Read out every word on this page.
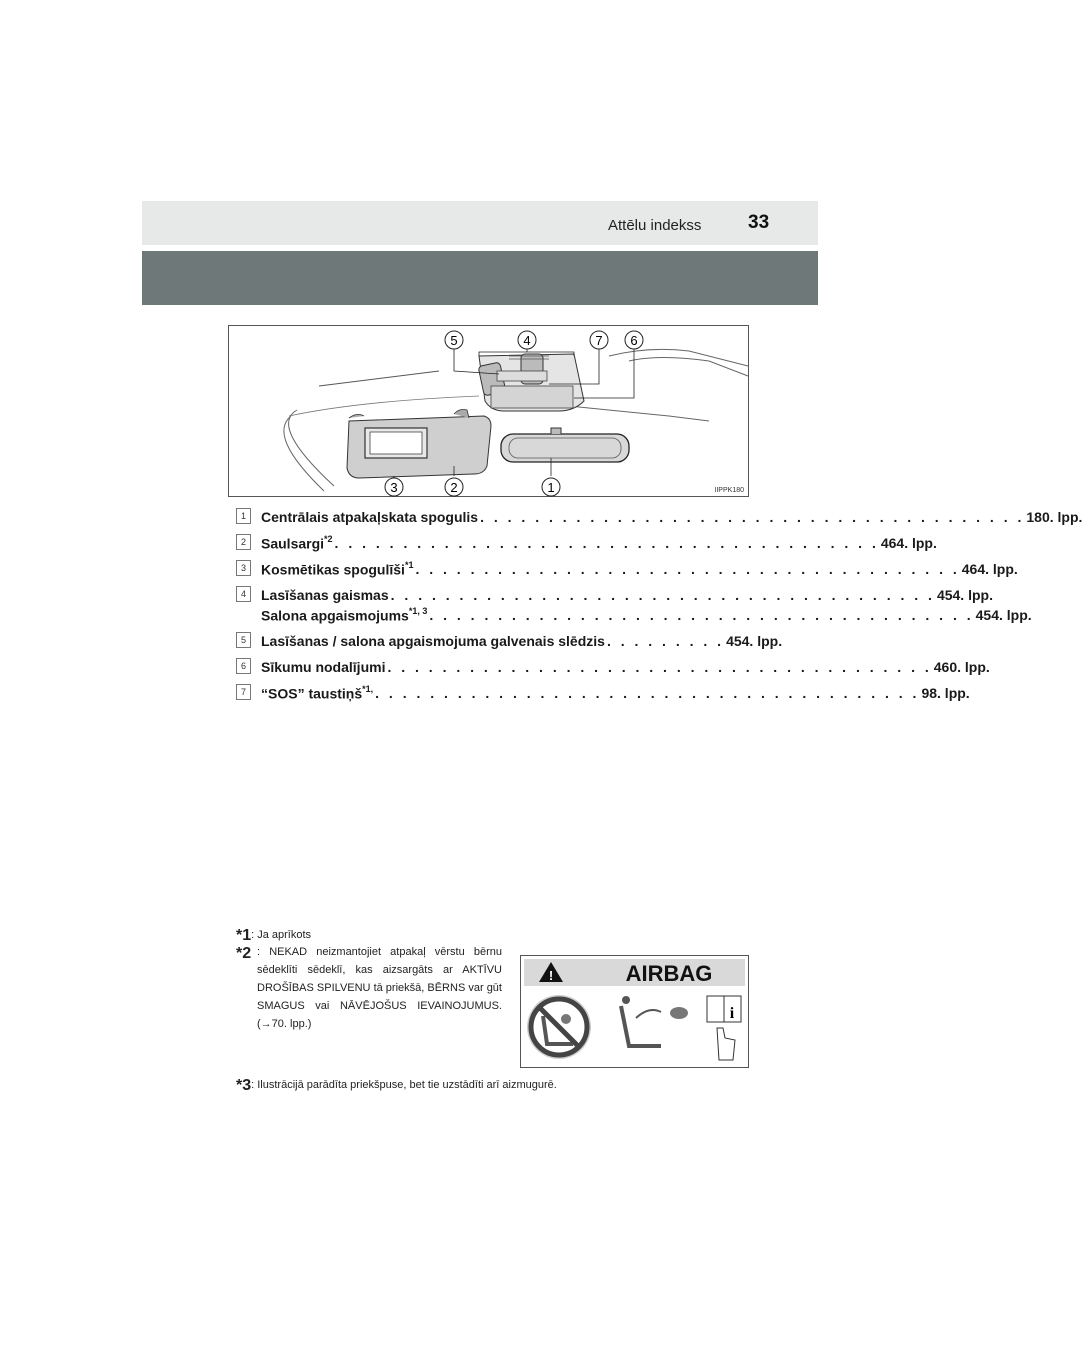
Attēlu indekss 33
5	4	7 6
3	2	1	IIPPK180
1	Centrālais atpakaļskata spogulis . . . . . . . . . . . . . . . . . . . . . . . . . . . . . . . . . . . . . . . . 180. lpp.
2	Saulsargi$^{*2}$ . . . . . . . . . . . . . . . . . . . . . . . . . . . . . . . . . . . . . . . . 464. lpp.
3	Kosmētikas spogulīši$^{*1}$ . . . . . . . . . . . . . . . . . . . . . . . . . . . . . . . . . . . . . . . . 464. lpp.
4	Lasīšanas gaismas . . . . . . . . . . . . . . . . . . . . . . . . . . . . . . . . . . . . . . . . 454. lpp.
Salona apgaismojums$^{*1, 3}$ . . . . . . . . . . . . . . . . . . . . . . . . . . . . . . . . . . . . . . . . 454. lpp.
5	Lasīšanas / salona apgaismojuma galvenais slēdzis . . . . . . . . . 454. lpp.
6	Sīkumu nodalījumi . . . . . . . . . . . . . . . . . . . . . . . . . . . . . . . . . . . . . . . . 460. lpp.
7	“SOS” taustiņš$^{*1,}$ . . . . . . . . . . . . . . . . . . . . . . . . . . . . . . . . . . . . . . . . 98. lpp.
*1: Ja aprīkots
*2 : NEKAD neizmantojiet atpakaļ vērstu bērnu sēdeklīti sēdeklī, kas aizsargāts ar AKTĪVU DROŠĪBAS SPILVENU tā priekšā, BĒRNS var gūt SMAGUS vai NĀVĒJOŠUS IEVAINOJUMUS. (→70. lpp.)
*3: Ilustrācijā parādīta priekšpuse, bet tie uzstādīti arī aizmugurē.
!	AIRBAG
i
